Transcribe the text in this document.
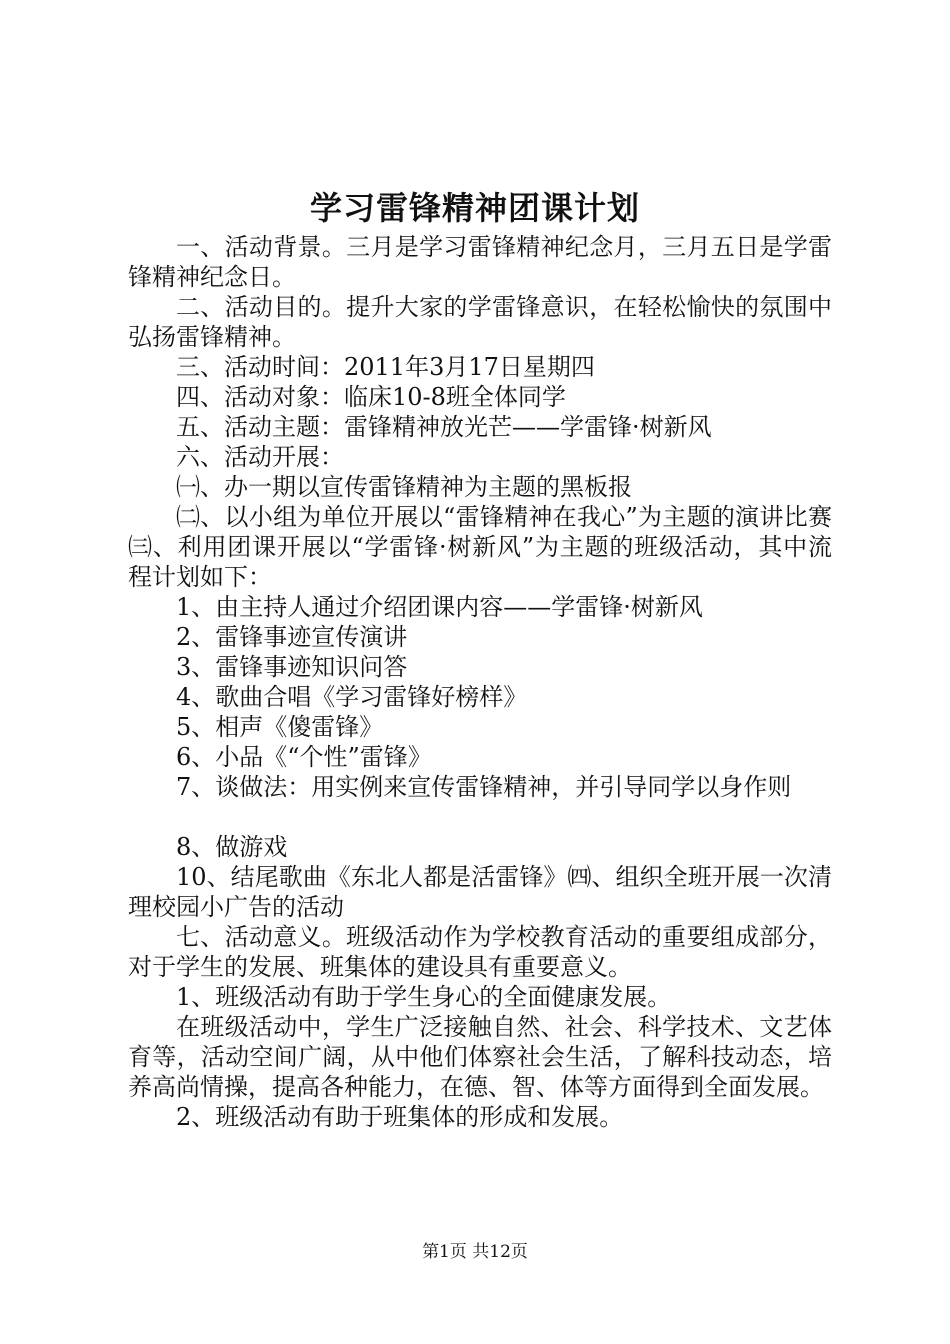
学习雷锋精神团课计划

一、活动背景。三月是学习雷锋精神纪念月，三月五日是学雷锋精神纪念日。

二、活动目的。提升大家的学雷锋意识，在轻松愉快的氛围中弘扬雷锋精神。

三、活动时间：2011年3月17日星期四

四、活动对象：临床10-8班全体同学

五、活动主题：雷锋精神放光芒——学雷锋·树新风

六、活动开展：

㈠、办一期以宣传雷锋精神为主题的黑板报

㈡、以小组为单位开展以“雷锋精神在我心”为主题的演讲比赛㈢、利用团课开展以“学雷锋·树新风”为主题的班级活动，其中流程计划如下：

1、由主持人通过介绍团课内容——学雷锋·树新风

2、雷锋事迹宣传演讲

3、雷锋事迹知识问答

4、歌曲合唱《学习雷锋好榜样》

5、相声《傻雷锋》

6、小品《“个性”雷锋》

7、谈做法：用实例来宣传雷锋精神，并引导同学以身作则

8、做游戏

10、结尾歌曲《东北人都是活雷锋》㈣、组织全班开展一次清理校园小广告的活动

七、活动意义。班级活动作为学校教育活动的重要组成部分，对于学生的发展、班集体的建设具有重要意义。

1、班级活动有助于学生身心的全面健康发展。

在班级活动中，学生广泛接触自然、社会、科学技术、文艺体育等，活动空间广阔，从中他们体察社会生活，了解科技动态，培养高尚情操，提高各种能力，在德、智、体等方面得到全面发展。

2、班级活动有助于班集体的形成和发展。

第1页 共12页
